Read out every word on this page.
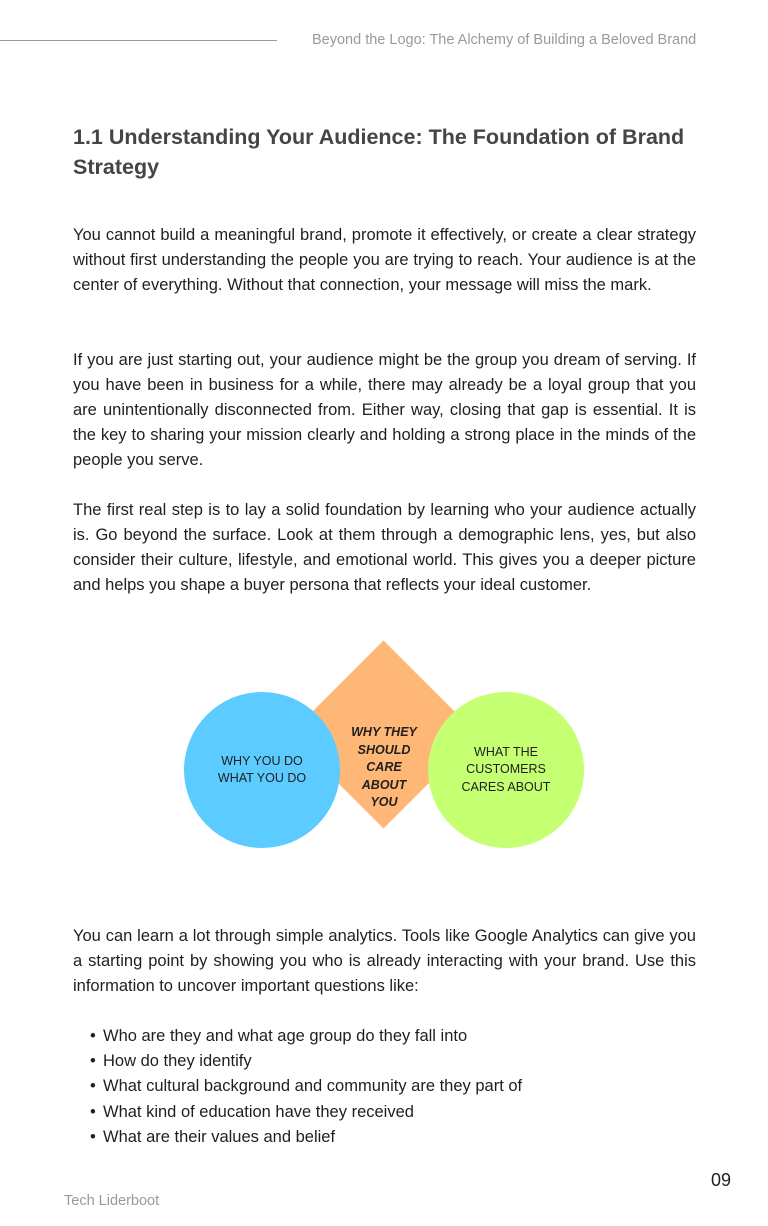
Beyond the Logo: The Alchemy of Building a Beloved Brand
1.1 Understanding Your Audience: The Foundation of Brand Strategy

You cannot build a meaningful brand, promote it effectively, or create a clear strategy without first understanding the people you are trying to reach. Your audience is at the center of everything. Without that connection, your message will miss the mark.

If you are just starting out, your audience might be the group you dream of serving. If you have been in business for a while, there may already be a loyal group that you are unintentionally disconnected from. Either way, closing that gap is essential. It is the key to sharing your mission clearly and holding a strong place in the minds of the people you serve.

The first real step is to lay a solid foundation by learning who your audience actually is. Go beyond the surface. Look at them through a demographic lens, yes, but also consider their culture, lifestyle, and emotional world. This gives you a deeper picture and helps you shape a buyer persona that reflects your ideal customer.

WHY YOU DO
WHAT YOU DO
WHAT THE
CUSTOMERS
CARES ABOUT
WHY THEY
SHOULD
CARE
ABOUT
YOU

You can learn a lot through simple analytics. Tools like Google Analytics can give you a starting point by showing you who is already interacting with your brand. Use this information to uncover important questions like:

• Who are they and what age group do they fall into
• How do they identify
• What cultural background and community are they part of
• What kind of education have they received
• What are their values and belief
09
Tech Liderboot
